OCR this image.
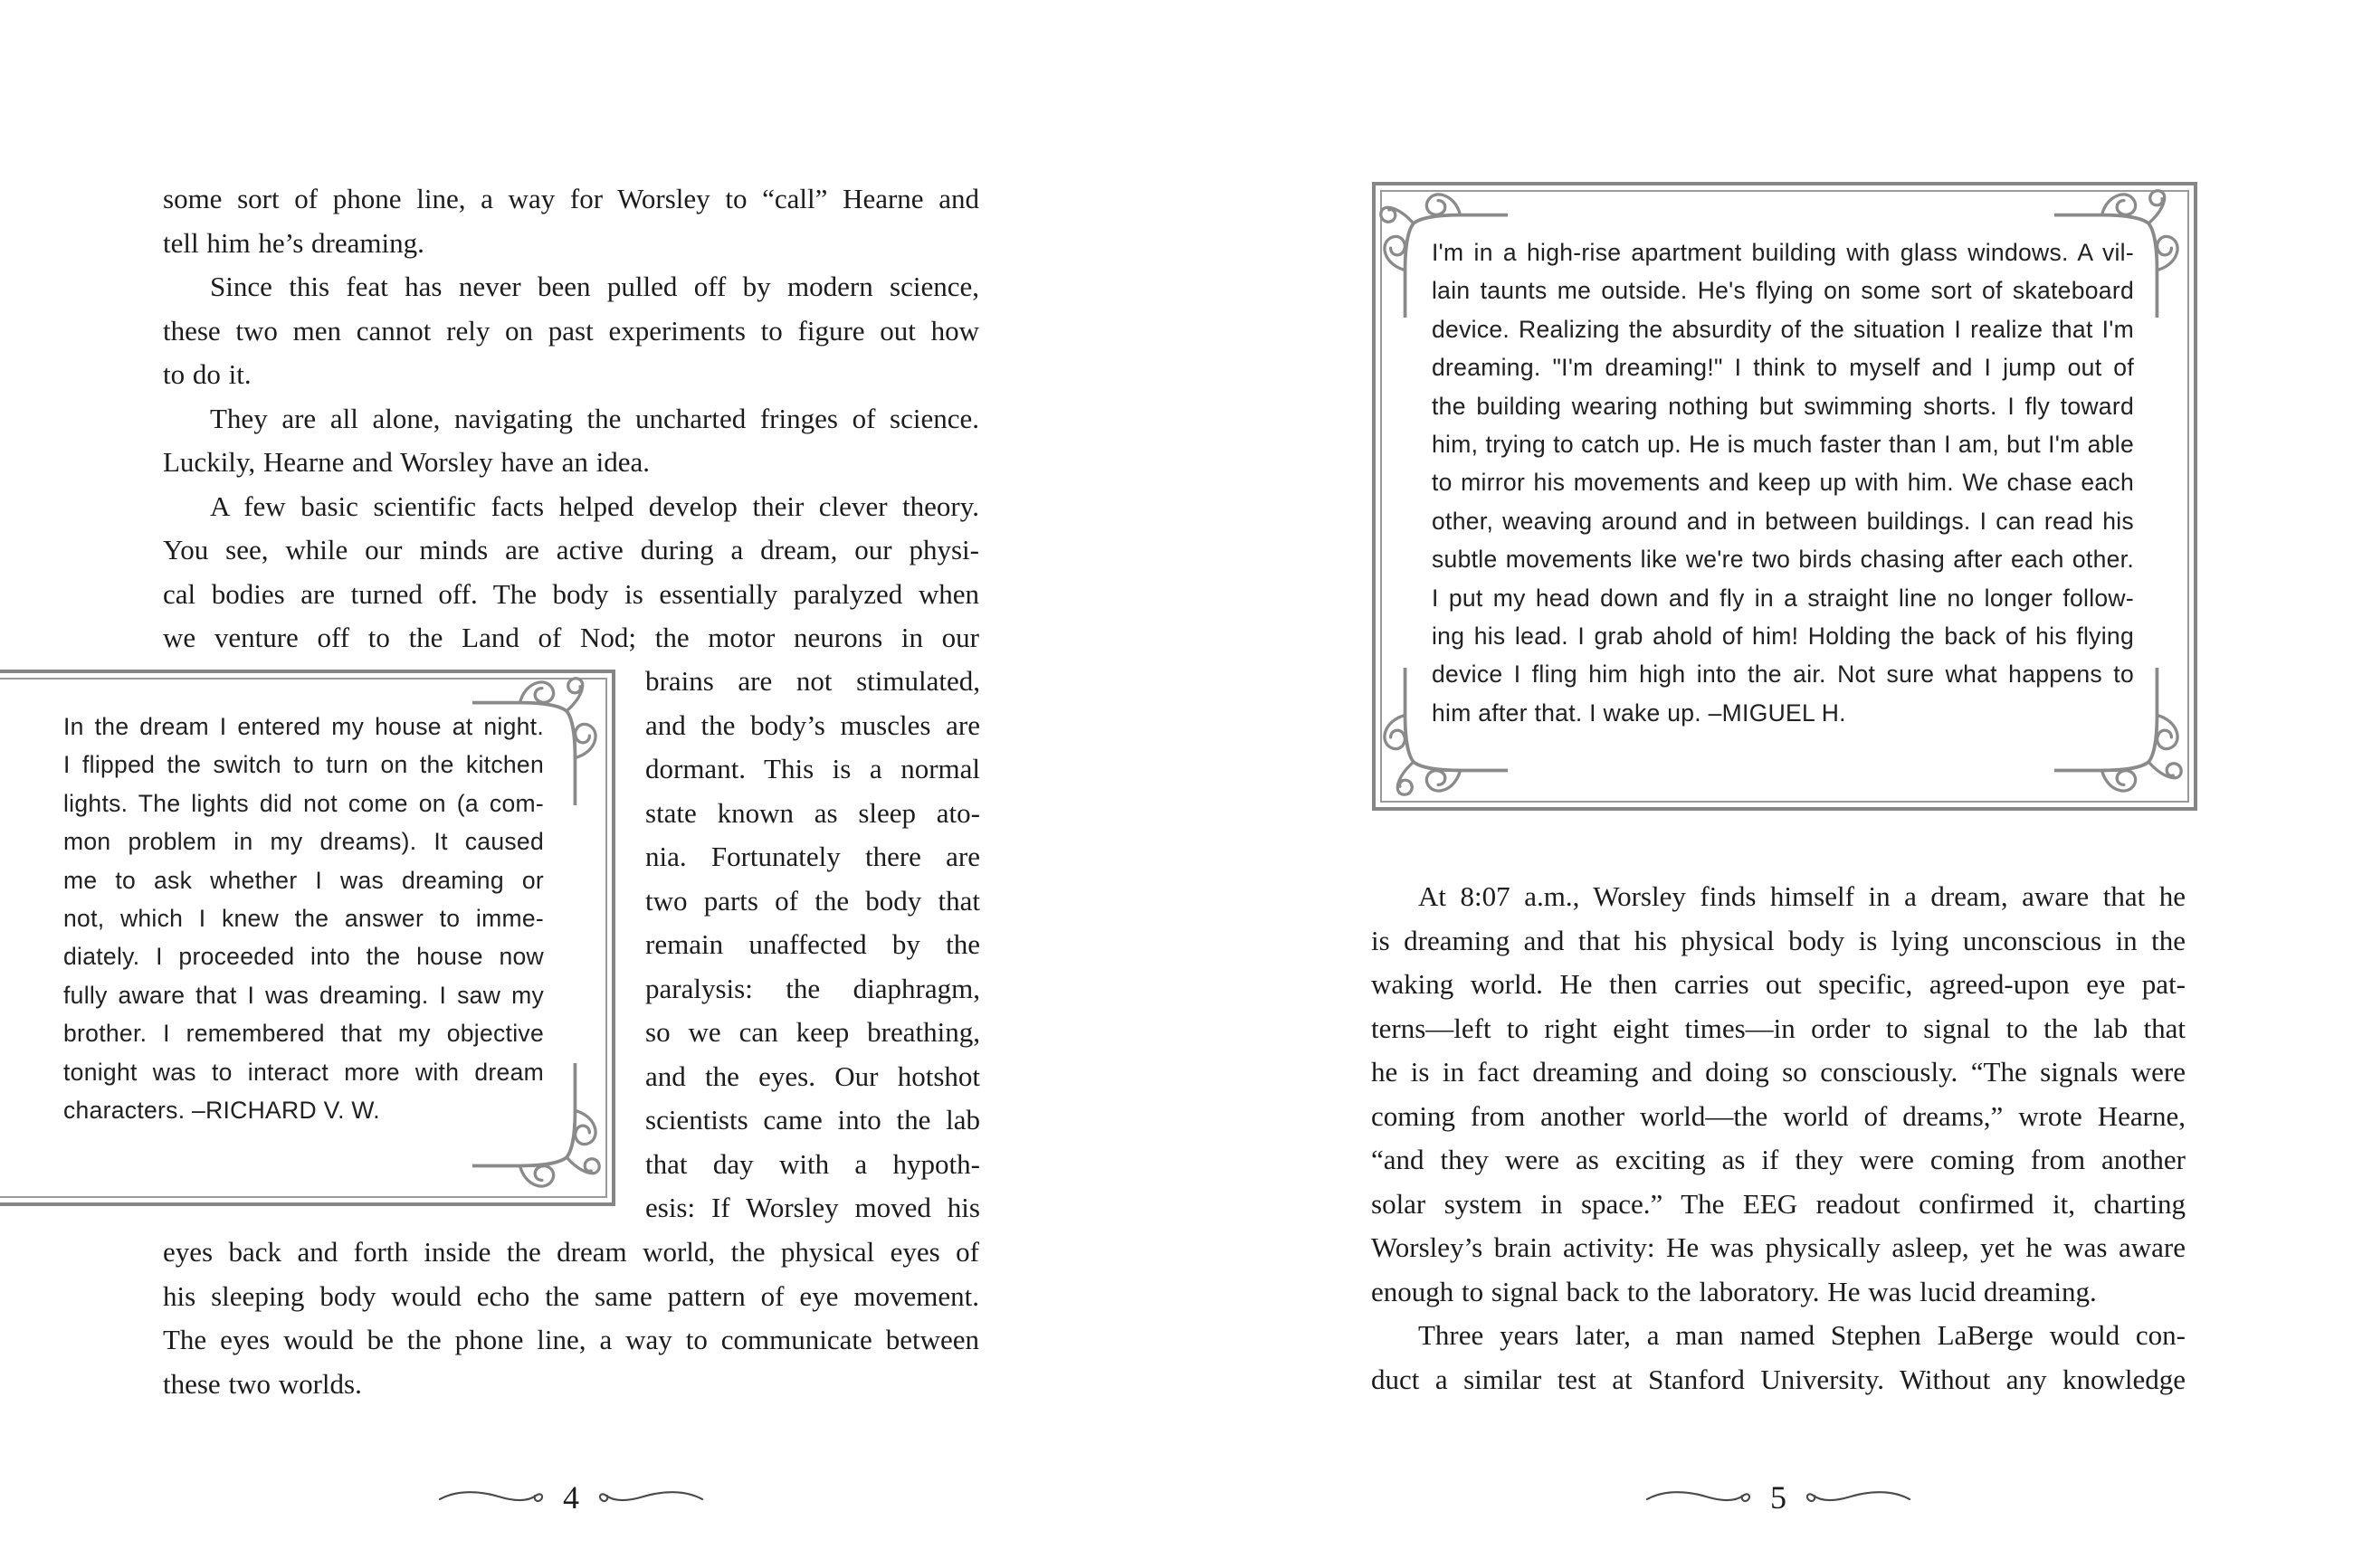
some sort of phone line, a way for Worsley to “call” Hearne and
tell him he’s dreaming.
Since this feat has never been pulled off by modern science,
these two men cannot rely on past experiments to figure out how
to do it.
They are all alone, navigating the uncharted fringes of science.
Luckily, Hearne and Worsley have an idea.
A few basic scientific facts helped develop their clever theory.
You see, while our minds are active during a dream, our physi-
cal bodies are turned off. The body is essentially paralyzed when
we venture off to the Land of Nod; the motor neurons in our
brains are not stimulated,
and the body’s muscles are
dormant. This is a normal
state known as sleep ato-
nia. Fortunately there are
two parts of the body that
remain unaffected by the
paralysis: the diaphragm,
so we can keep breathing,
and the eyes. Our hotshot
scientists came into the lab
that day with a hypoth-
esis: If Worsley moved his
eyes back and forth inside the dream world, the physical eyes of
his sleeping body would echo the same pattern of eye movement.
The eyes would be the phone line, a way to communicate between
these two worlds.
In the dream I entered my house at night.
I flipped the switch to turn on the kitchen
lights. The lights did not come on (a com-
mon problem in my dreams). It caused
me to ask whether I was dreaming or
not, which I knew the answer to imme-
diately. I proceeded into the house now
fully aware that I was dreaming. I saw my
brother. I remembered that my objective
tonight was to interact more with dream
characters. –RICHARD V. W.
4
I'm in a high-rise apartment building with glass windows. A vil-
lain taunts me outside. He's flying on some sort of skateboard
device. Realizing the absurdity of the situation I realize that I'm
dreaming. "I'm dreaming!" I think to myself and I jump out of
the building wearing nothing but swimming shorts. I fly toward
him, trying to catch up. He is much faster than I am, but I'm able
to mirror his movements and keep up with him. We chase each
other, weaving around and in between buildings. I can read his
subtle movements like we're two birds chasing after each other.
I put my head down and fly in a straight line no longer follow-
ing his lead. I grab ahold of him! Holding the back of his flying
device I fling him high into the air. Not sure what happens to
him after that. I wake up. –MIGUEL H.
At 8:07 a.m., Worsley finds himself in a dream, aware that he
is dreaming and that his physical body is lying unconscious in the
waking world. He then carries out specific, agreed-upon eye pat-
terns—left to right eight times—in order to signal to the lab that
he is in fact dreaming and doing so consciously. “The signals were
coming from another world—the world of dreams,” wrote Hearne,
“and they were as exciting as if they were coming from another
solar system in space.” The EEG readout confirmed it, charting
Worsley’s brain activity: He was physically asleep, yet he was aware
enough to signal back to the laboratory. He was lucid dreaming.
Three years later, a man named Stephen LaBerge would con-
duct a similar test at Stanford University. Without any knowledge
5
